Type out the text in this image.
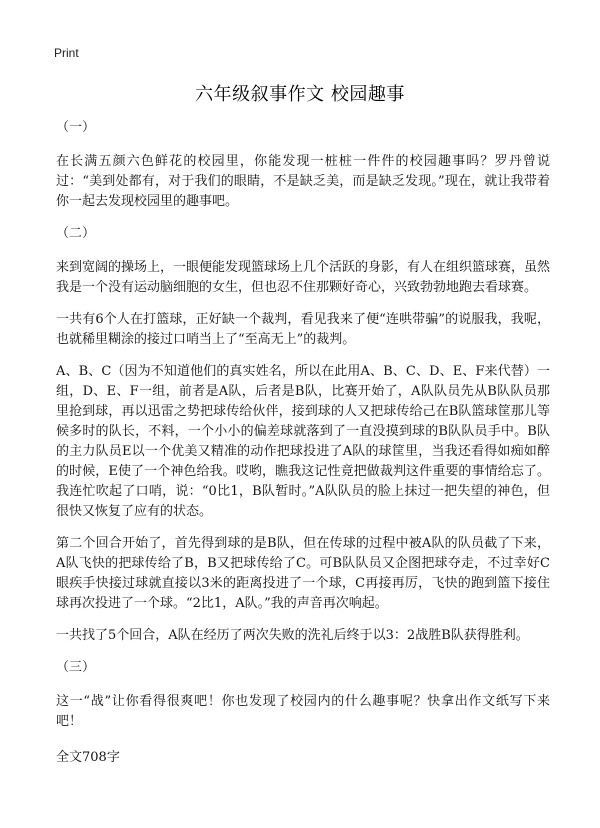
Print
六年级叙事作文 校园趣事
（一）

在长满五颜六色鲜花的校园里，你能发现一桩桩一件件的校园趣事吗？罗丹曾说过：“美到处都有，对于我们的眼睛，不是缺乏美，而是缺乏发现。”现在，就让我带着你一起去发现校园里的趣事吧。

（二）

来到宽阔的操场上，一眼便能发现篮球场上几个活跃的身影，有人在组织篮球赛，虽然我是一个没有运动脑细胞的女生，但也忍不住那颗好奇心，兴致勃勃地跑去看球赛。

一共有6个人在打篮球，正好缺一个裁判，看见我来了便“连哄带骗”的说服我，我呢，也就稀里糊涂的接过口哨当上了“至高无上”的裁判。

A、B、C（因为不知道他们的真实姓名，所以在此用A、B、C、D、E、F来代替）一组，D、E、F一组，前者是A队，后者是B队，比赛开始了，A队队员先从B队队员那里抢到球，再以迅雷之势把球传给伙伴，接到球的人又把球传给己在B队篮球筐那儿等候多时的队长，不料，一个小小的偏差球就落到了一直没摸到球的B队队员手中。B队的主力队员E以一个优美又精准的动作把球投进了A队的球筐里，当我还看得如痴如醉的时候，E使了一个神色给我。哎哟，瞧我这记性竟把做裁判这件重要的事情给忘了。我连忙吹起了口哨，说：“0比1，B队暂时。”A队队员的脸上抹过一把失望的神色，但很快又恢复了应有的状态。

第二个回合开始了，首先得到球的是B队，但在传球的过程中被A队的队员截了下来，A队飞快的把球传给了B，B又把球传给了C。可B队队员又企图把球夺走，不过幸好C眼疾手快接过球就直接以3米的距离投进了一个球，C再接再厉，飞快的跑到篮下接住球再次投进了一个球。“2比1，A队。”我的声音再次响起。

一共找了5个回合，A队在经历了两次失败的洗礼后终于以3：2战胜B队获得胜利。

（三）

这一“战”让你看得很爽吧！你也发现了校园内的什么趣事呢？快拿出作文纸写下来吧！

全文708字
